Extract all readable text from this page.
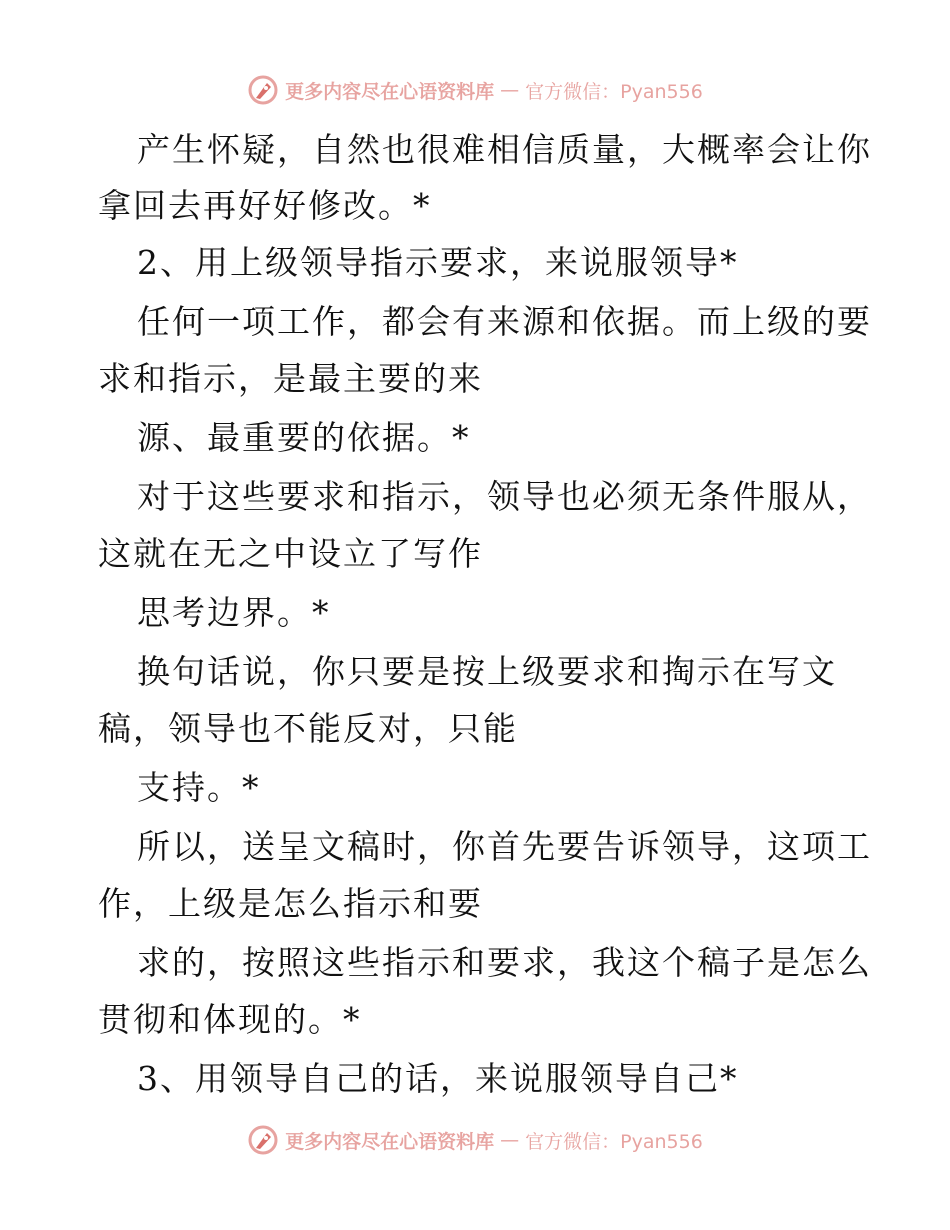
更多内容尽在心语资料库 — 官方微信：Pyan556
产生怀疑，自然也很难相信质量，大概率会让你
拿回去再好好修改。*
2、用上级领导指示要求，来说服领导*
任何一项工作，都会有来源和依据。而上级的要
求和指示，是最主要的来
源、最重要的依据。*
对于这些要求和指示，领导也必须无条件服从，
这就在无之中设立了写作
思考边界。*
换句话说，你只要是按上级要求和掏示在写文
稿，领导也不能反对，只能
支持。*
所以，送呈文稿时，你首先要告诉领导，这项工
作，上级是怎么指示和要
求的，按照这些指示和要求，我这个稿子是怎么
贯彻和体现的。*
3、用领导自己的话，来说服领导自己*
更多内容尽在心语资料库 — 官方微信：Pyan556
